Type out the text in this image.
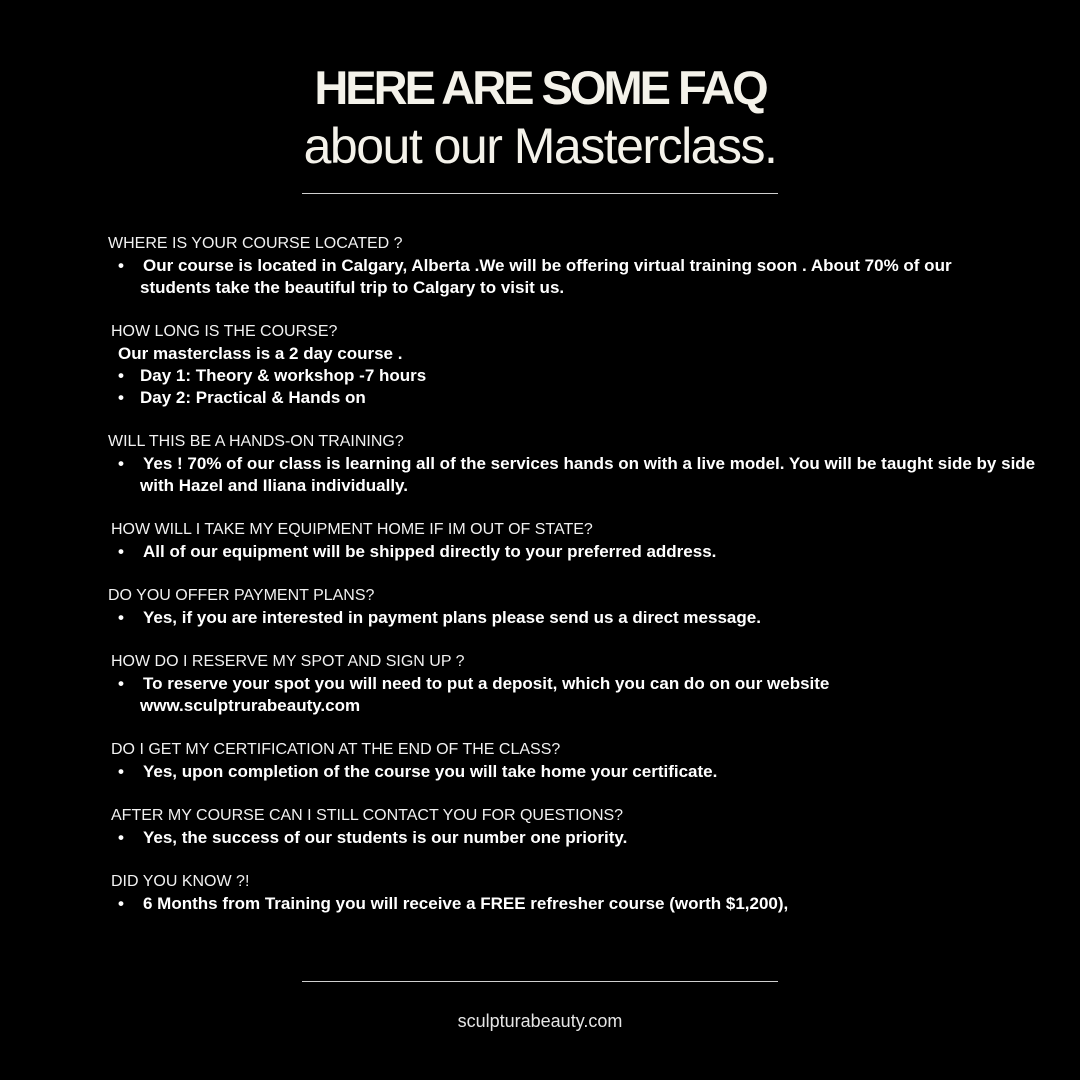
HERE ARE SOME FAQ
about our Masterclass.
WHERE IS YOUR COURSE LOCATED ?
•	Our course is located in Calgary, Alberta .We will be offering virtual training soon . About 70% of our students take the beautiful trip to Calgary to visit us.
HOW LONG IS THE COURSE?
Our masterclass is a 2 day course .
• Day 1: Theory & workshop -7 hours
• Day 2: Practical & Hands on
WILL THIS BE A HANDS-ON TRAINING?
•	Yes ! 70% of our class is learning all of the services hands on with a live model. You will be taught side by side with Hazel and Iliana individually.
HOW WILL I TAKE MY EQUIPMENT HOME IF IM OUT OF STATE?
•	All of our equipment will be shipped directly to your preferred address.
DO YOU OFFER PAYMENT PLANS?
•	Yes, if you are interested in payment plans please send us a direct message.
HOW DO I RESERVE MY SPOT AND SIGN UP ?
•	To reserve your spot you will need to put a deposit, which you can do on our website www.sculptrurabeauty.com
DO I GET MY CERTIFICATION AT THE END OF THE CLASS?
•	Yes, upon completion of the course you will take home your certificate.
AFTER MY COURSE CAN I STILL CONTACT YOU FOR QUESTIONS?
•	Yes, the success of our students is our number one priority.
DID YOU KNOW ?!
•	6 Months from Training you will receive a FREE refresher course (worth $1,200),
sculpturabeauty.com
